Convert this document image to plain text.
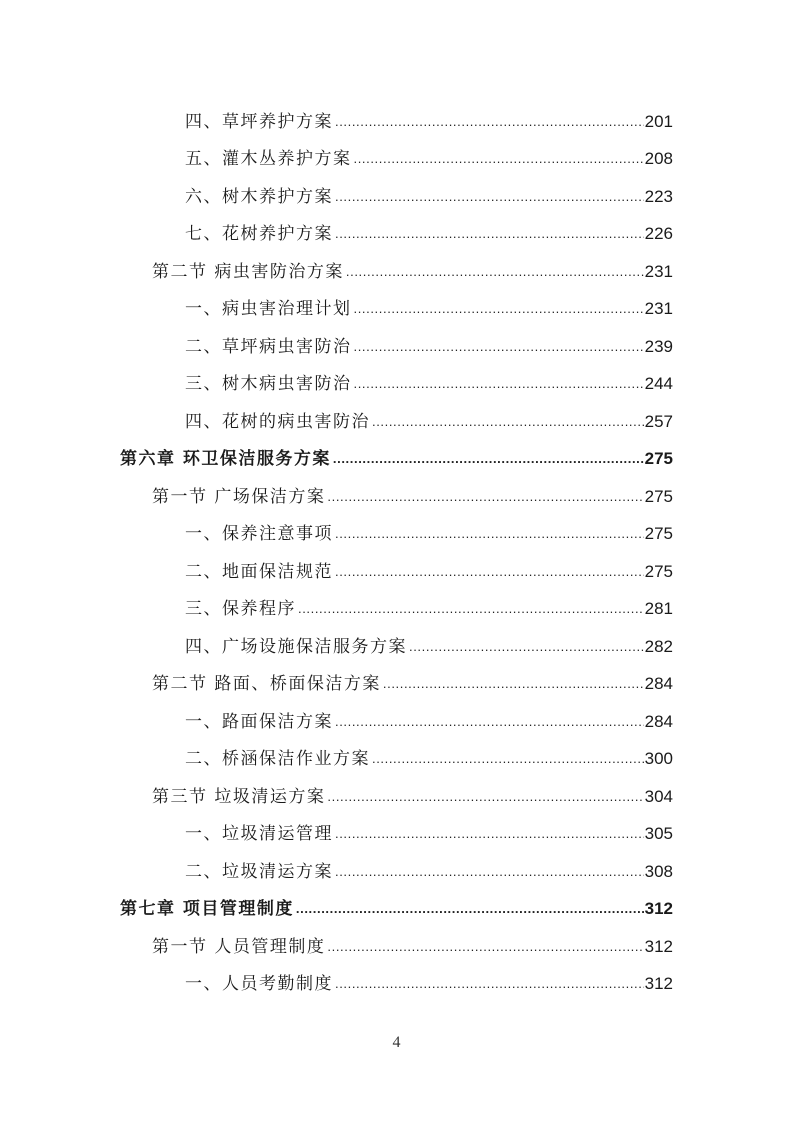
四、草坪养护方案 .....	201
五、灌木丛养护方案 .....	208
六、树木养护方案 .....	223
七、花树养护方案 .....	226
第二节 病虫害防治方案 .....	231
一、病虫害治理计划 .....	231
二、草坪病虫害防治 .....	239
三、树木病虫害防治 .....	244
四、花树的病虫害防治 .....	257
第六章 环卫保洁服务方案 .....	275
第一节 广场保洁方案 .....	275
一、保养注意事项 .....	275
二、地面保洁规范 .....	275
三、保养程序 .....	281
四、广场设施保洁服务方案 .....	282
第二节 路面、桥面保洁方案 .....	284
一、路面保洁方案 .....	284
二、桥涵保洁作业方案 .....	300
第三节 垃圾清运方案 .....	304
一、垃圾清运管理 .....	305
二、垃圾清运方案 .....	308
第七章 项目管理制度 .....	312
第一节 人员管理制度 .....	312
一、人员考勤制度 .....	312
4
